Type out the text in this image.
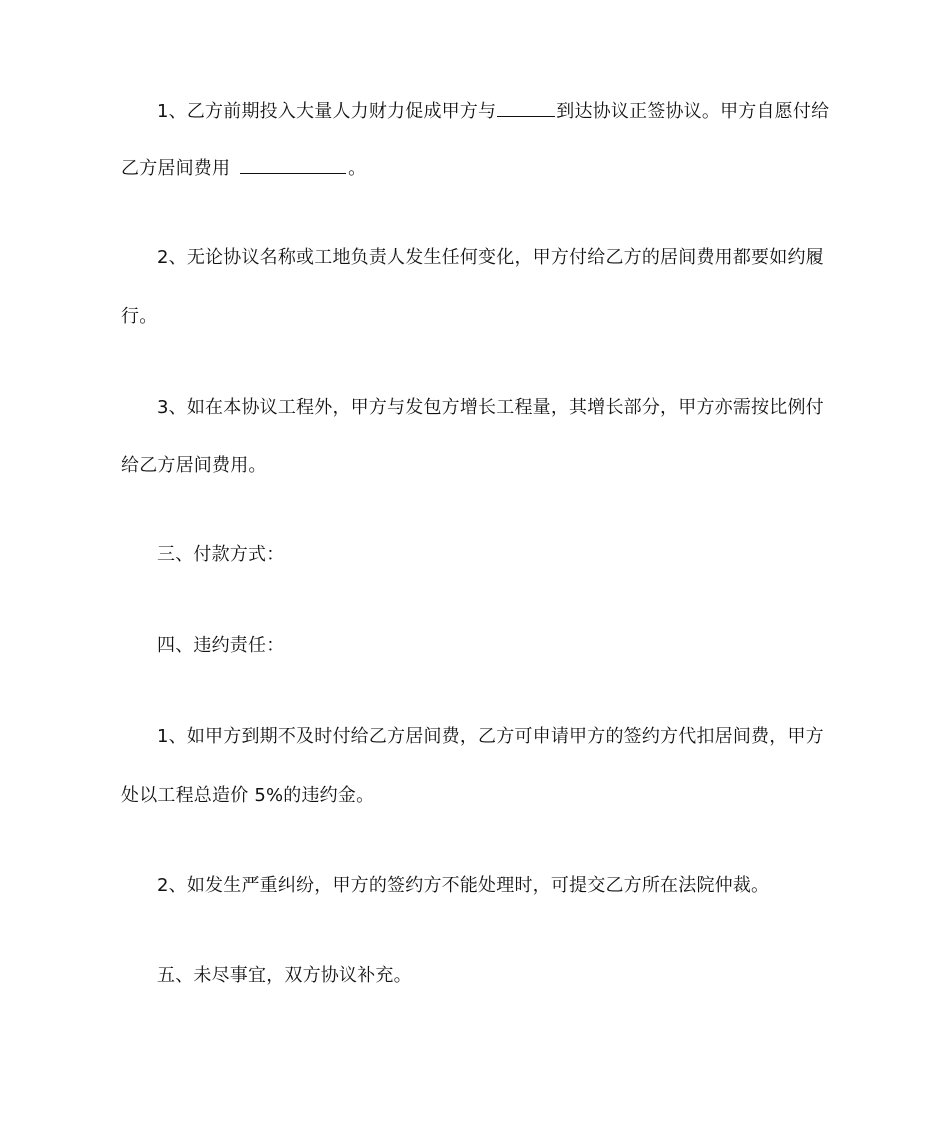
1、乙方前期投入大量人力财力促成甲方与	到达协议正签协议。甲方自愿付给
乙方居间费用	。
2、无论协议名称或工地负责人发生任何变化，甲方付给乙方的居间费用都要如约履
行。
3、如在本协议工程外，甲方与发包方增长工程量，其增长部分，甲方亦需按比例付
给乙方居间费用。
三、付款方式：
四、违约责任：
1、如甲方到期不及时付给乙方居间费，乙方可申请甲方的签约方代扣居间费，甲方
处以工程总造价 5%的违约金。
2、如发生严重纠纷，甲方的签约方不能处理时，可提交乙方所在法院仲裁。
五、未尽事宜，双方协议补充。
